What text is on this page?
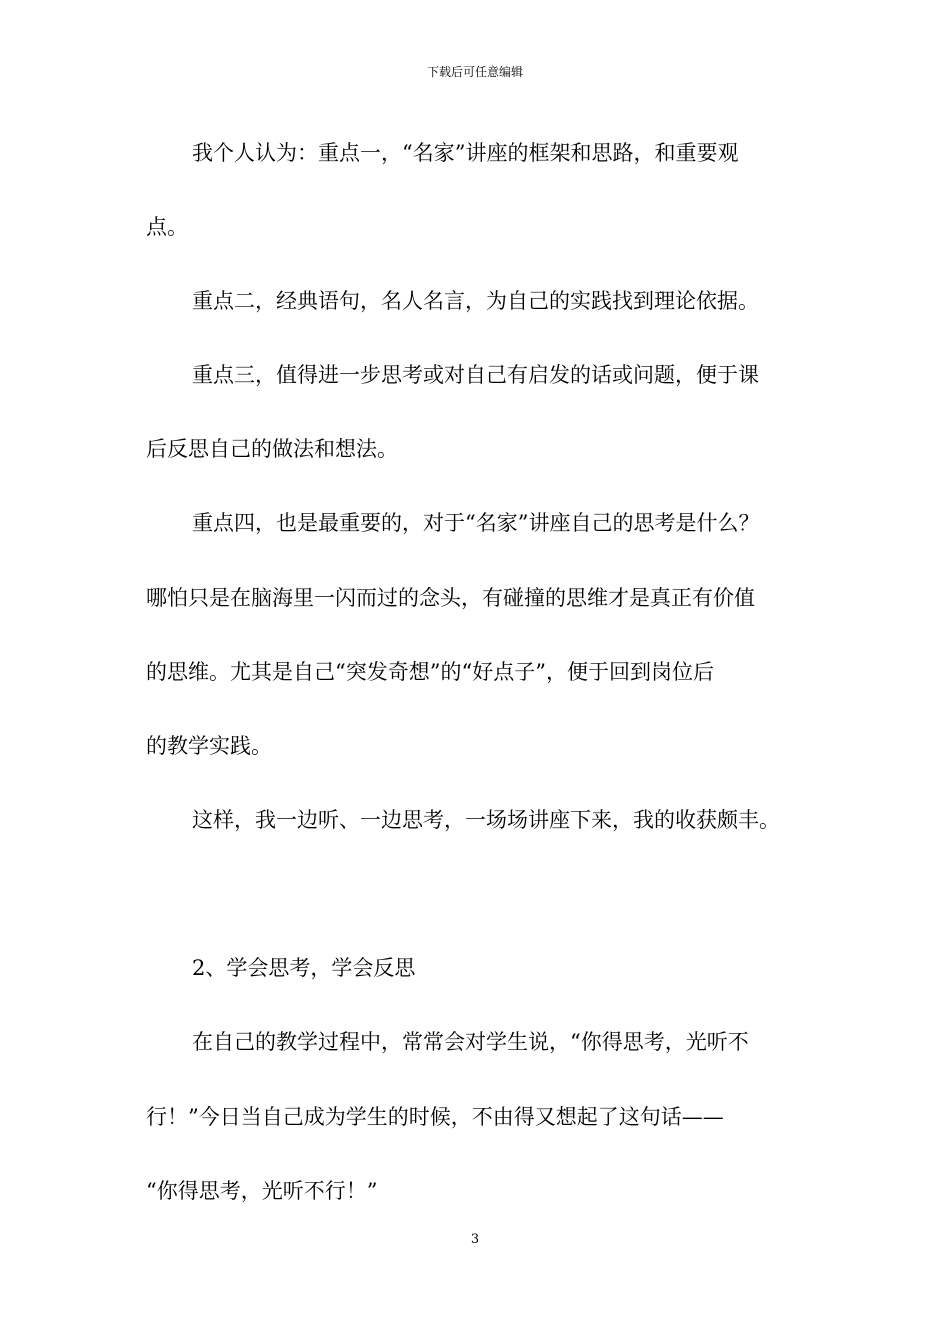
下载后可任意编辑
我个人认为：重点一，“名家”讲座的框架和思路，和重要观
点。
重点二，经典语句，名人名言，为自己的实践找到理论依据。
重点三，值得进一步思考或对自己有启发的话或问题，便于课
后反思自己的做法和想法。
重点四，也是最重要的，对于“名家”讲座自己的思考是什么？
哪怕只是在脑海里一闪而过的念头，有碰撞的思维才是真正有价值
的思维。尤其是自己“突发奇想”的“好点子”，便于回到岗位后
的教学实践。
这样，我一边听、一边思考，一场场讲座下来，我的收获颇丰。
2、学会思考，学会反思
在自己的教学过程中，常常会对学生说，“你得思考，光听不
行！”今日当自己成为学生的时候，不由得又想起了这句话——
“你得思考，光听不行！”
3
